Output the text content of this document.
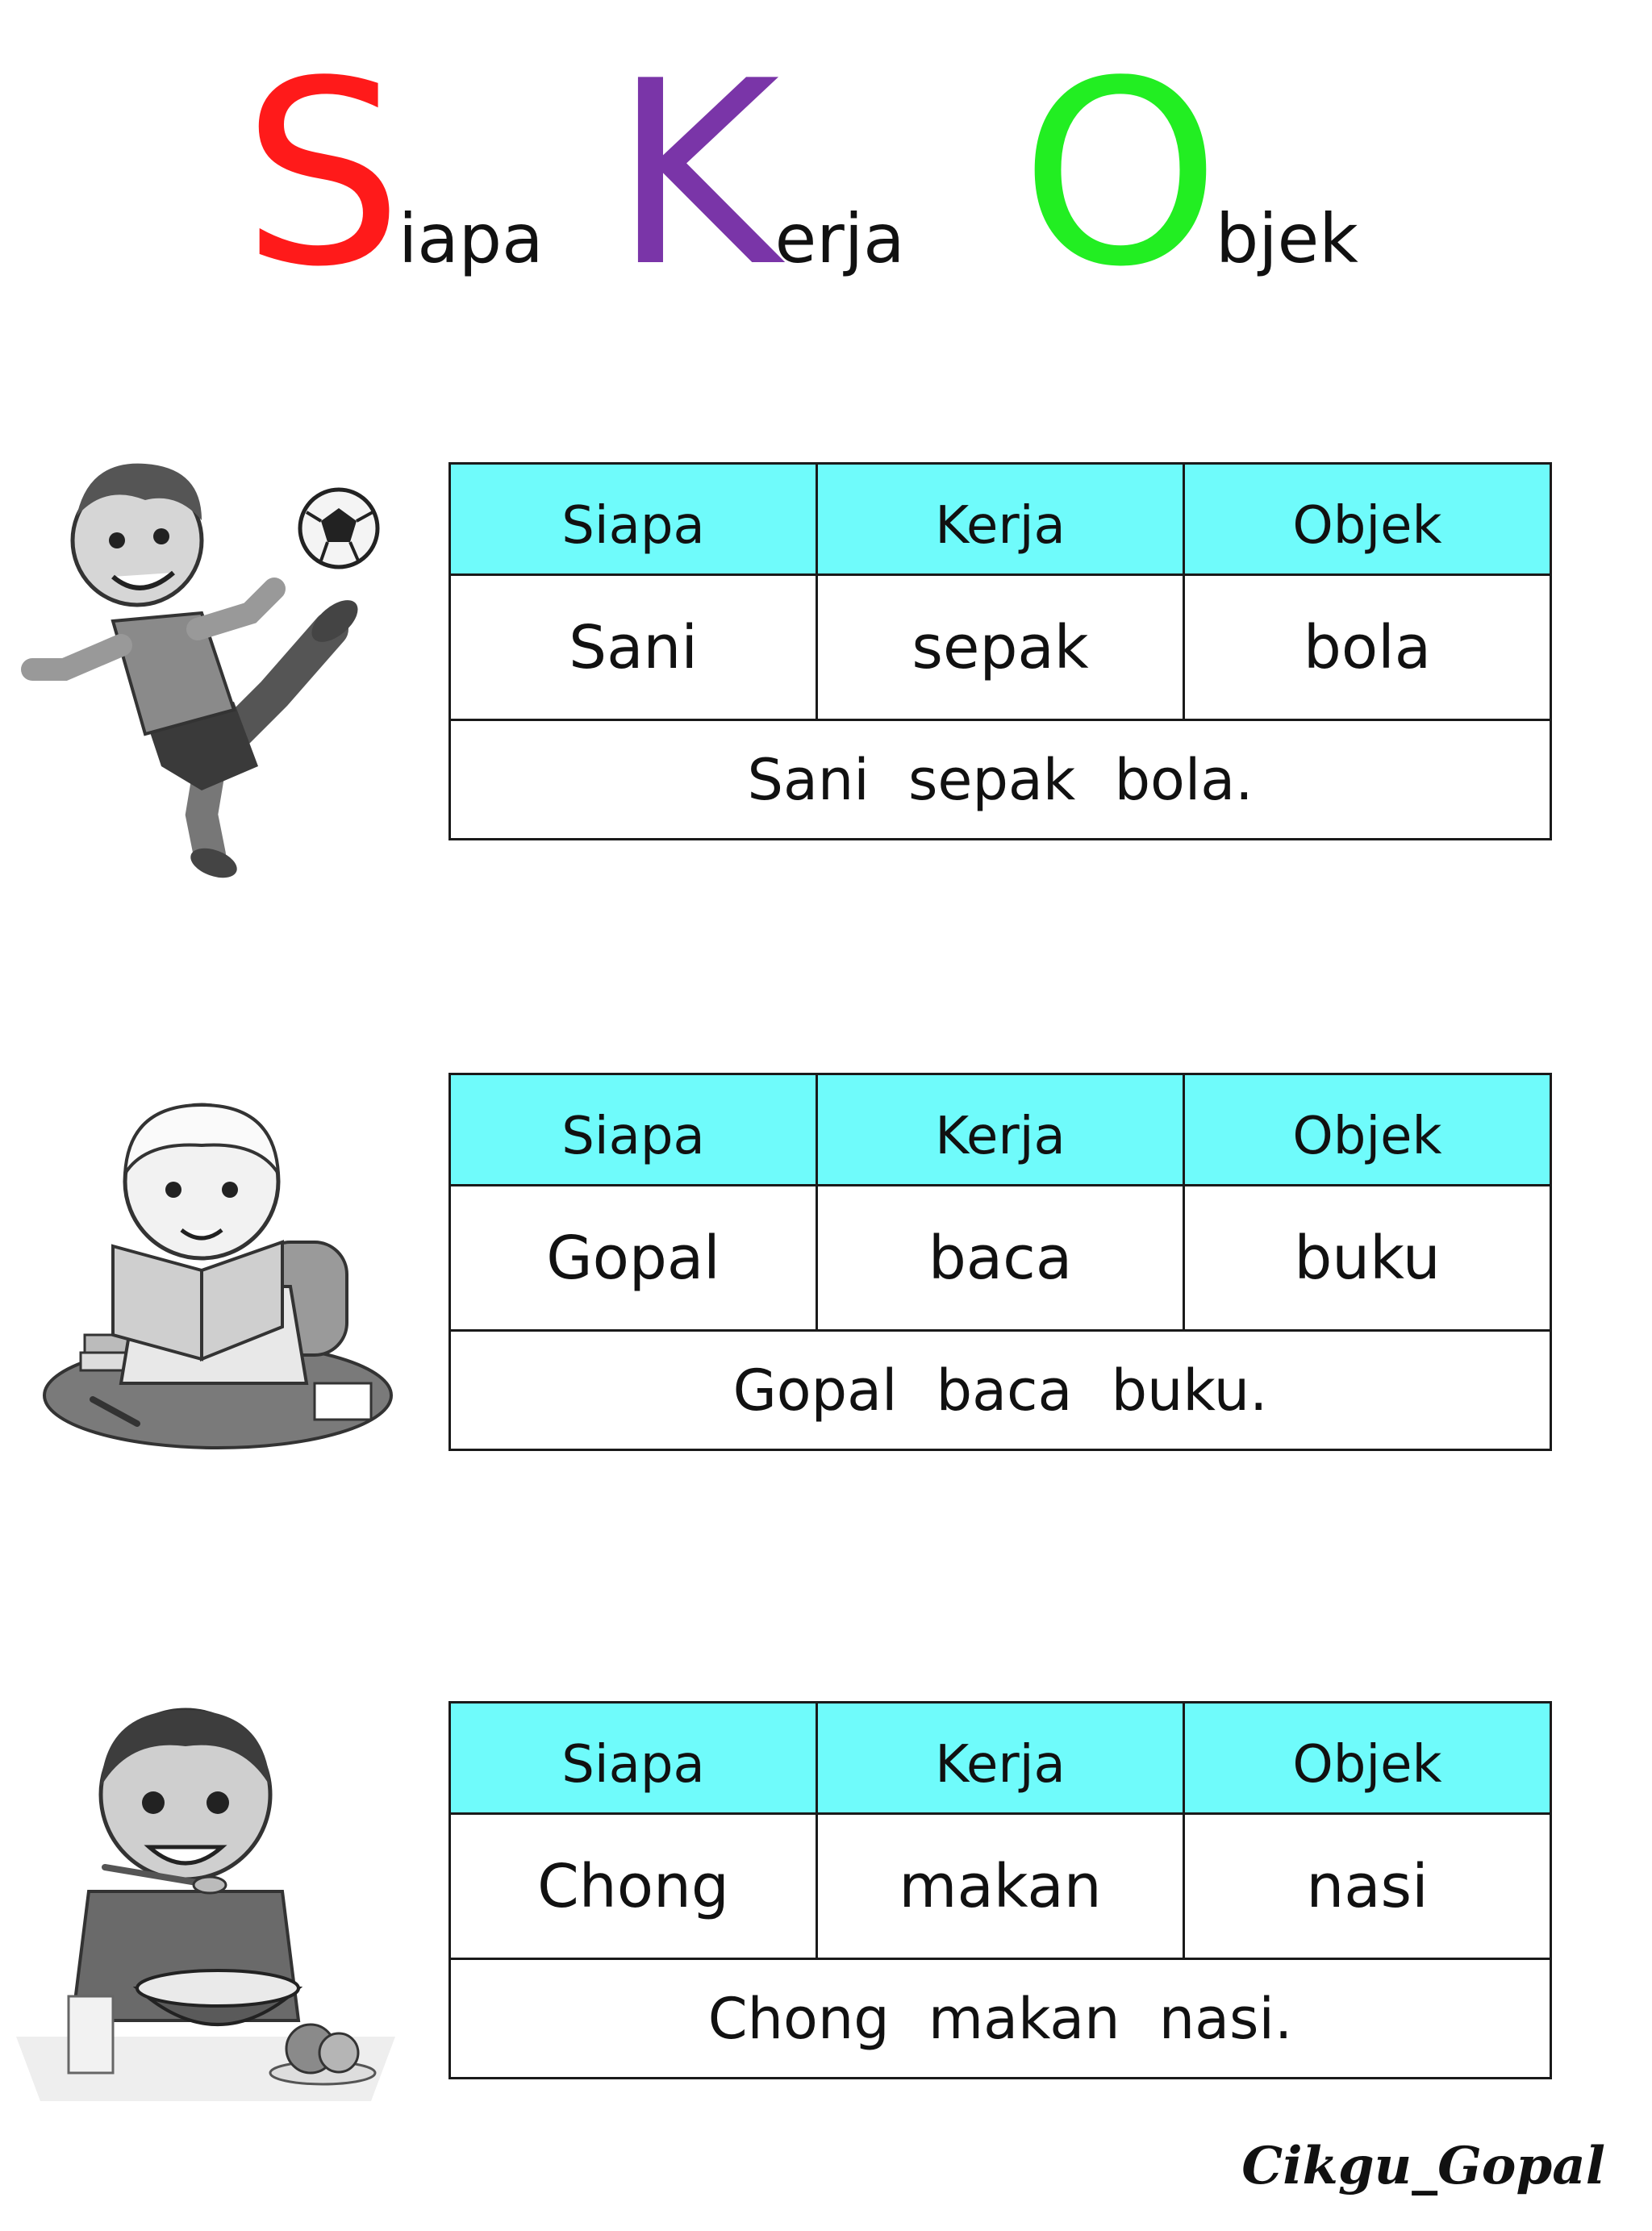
Siapa Kerja Objek
Siapa	Kerja	Objek
Sani	sepak	bola
Sani sepak bola.		
Siapa	Kerja	Objek
Gopal	baca	buku
Gopal baca buku.		
Siapa	Kerja	Objek
Chong	makan	nasi
Chong makan nasi.		
Cikgu_Gopal
